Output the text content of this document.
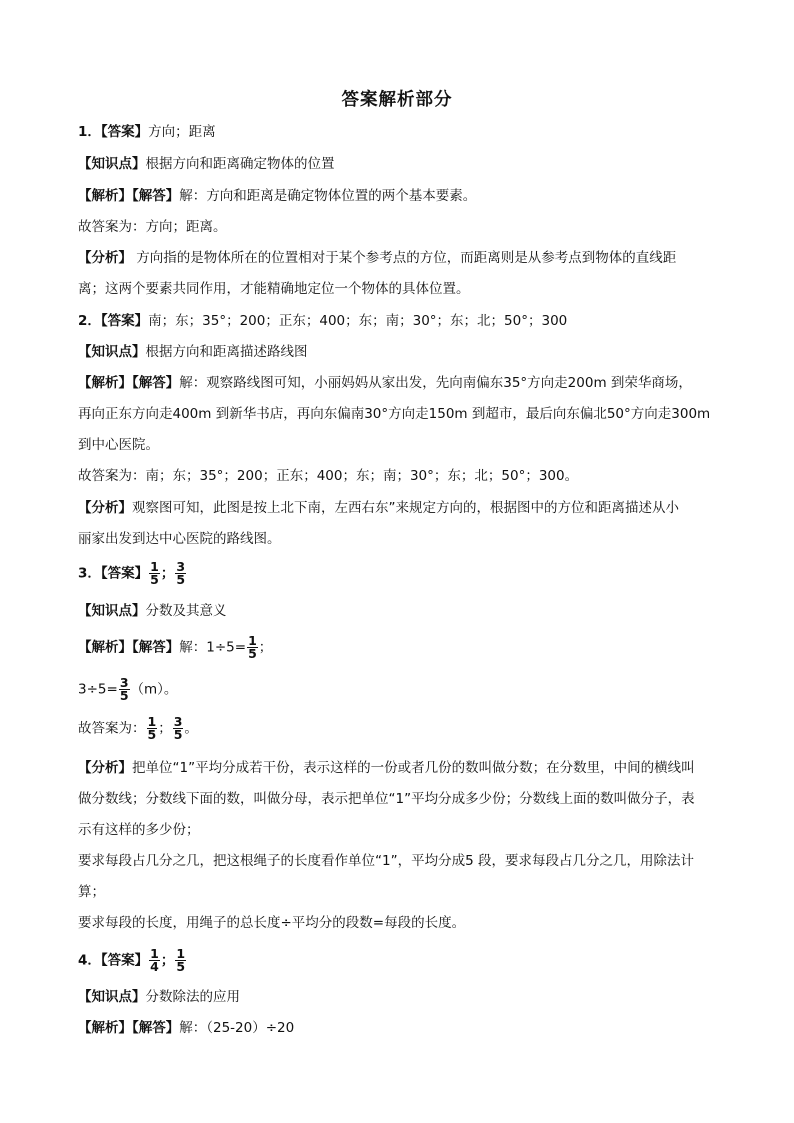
答案解析部分
1．【答案】方向；距离
【知识点】根据方向和距离确定物体的位置
【解析】【解答】解：方向和距离是确定物体位置的两个基本要素。
故答案为：方向；距离。
【分析】 方向指的是物体所在的位置相对于某个参考点的方位，而距离则是从参考点到物体的直线距
离；这两个要素共同作用，才能精确地定位一个物体的具体位置。
2．【答案】南；东；35°；200；正东；400；东；南；30°；东；北；50°；300
【知识点】根据方向和距离描述路线图
【解析】【解答】解：观察路线图可知，小丽妈妈从家出发，先向南偏东35°方向走200m 到荣华商场，
再向正东方向走400m 到新华书店，再向东偏南30°方向走150m 到超市，最后向东偏北50°方向走300m
到中心医院。
故答案为：南；东；35°；200；正东；400；东；南；30°；东；北；50°；300。
【分析】观察图可知，此图是按上北下南，左西右东”来规定方向的，根据图中的方位和距离描述从小
丽家出发到达中心医院的路线图。
3．【答案】 $\frac{1}{5}$ ； $\frac{3}{5}$
【知识点】分数及其意义
【解析】【解答】解：$1\div 5= \frac{1}{5}$ ；
$3\div 5= \frac{3}{5} (m)$。
故答案为： $\frac{1}{5}$ ； $\frac{3}{5}$ 。
【分析】把单位“1”平均分成若干份，表示这样的一份或者几份的数叫做分数；在分数里，中间的横线叫
做分数线；分数线下面的数，叫做分母，表示把单位“1”平均分成多少份；分数线上面的数叫做分子，表
示有这样的多少份；
要求每段占几分之几，把这根绳子的长度看作单位“1”，平均分成5 段，要求每段占几分之几，用除法计
算；
要求每段的长度，用绳子的总长度÷平均分的段数=每段的长度。
4．【答案】 $\frac{1}{4}$ ； $\frac{1}{5}$
【知识点】分数除法的应用
【解析】【解答】解：（25-20）÷20
